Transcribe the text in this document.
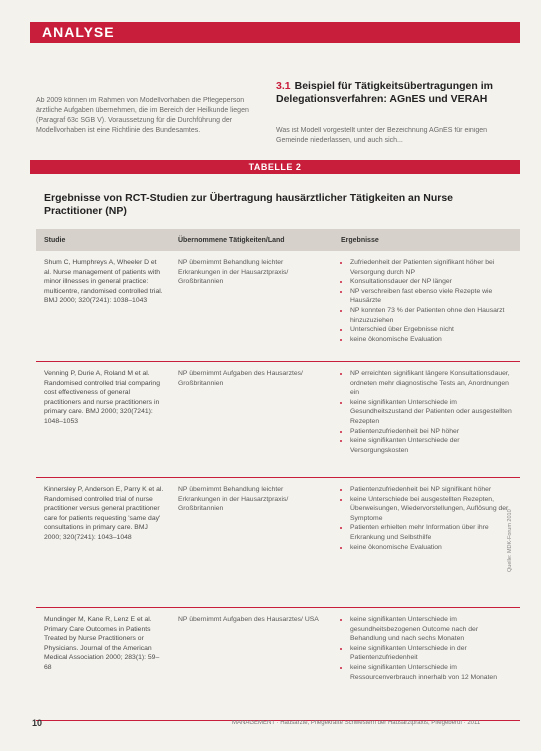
ANALYSE
Ab 2009 können im Rahmen von Modellvorhaben die Pflegeperson ärztliche Aufgaben übernehmen, die im Bereich der Heilkunde liegen (Paragraf 63c SGB V). Voraussetzung für die Durchführung der Modellvorhaben ist eine Richtlinie des Bundesamtes.
3.1 Beispiel für Tätigkeitsübertragungen im Delegationsverfahren: AGnES und VERAH
Was ist Modell vorgestellt unter der Bezeichnung AGnES für einigen Gemeinde niederlassen, und auch sich...
TABELLE 2
Ergebnisse von RCT-Studien zur Übertragung hausärztlicher Tätigkeiten an Nurse Practitioner (NP)
Studie	Übernommene Tätigkeiten/Land	Ergebnisse
Shum C, Humphreys A, Wheeler D et al. Nurse management of patients with minor illnesses in general practice: multicentre, randomised controlled trial. BMJ 2000; 320(7241): 1038–1043
NP übernimmt Behandlung leichter Erkrankungen in der Hausarztpraxis/ Großbritannien
• Zufriedenheit der Patienten signifikant höher bei Versorgung durch NP
• Konsultationsdauer der NP länger
• NP verschreiben fast ebenso viele Rezepte wie Hausärzte
• NP konnten 73 % der Patienten ohne den Hausarzt hinzuzuziehen
• Unterschied über Ergebnisse nicht
• keine ökonomische Evaluation
Venning P, Durie A, Roland M et al. Randomised controlled trial comparing cost effectiveness of general practitioners and nurse practitioners in primary care. BMJ 2000; 320(7241): 1048–1053
NP übernimmt Aufgaben des Hausarztes/ Großbritannien
• NP erreichten signifikant längere Konsultationsdauer, ordneten mehr diagnostische Tests an, Anordnungen ein
• keine signifikanten Unterschiede im Gesundheitszustand der Patienten oder ausgestellten Rezepten
• Patientenzufriedenheit bei NP höher
• keine signifikanten Unterschiede der Versorgungskosten
Kinnersley P, Anderson E, Parry K et al. Randomised controlled trial of nurse practitioner versus general practitioner care for patients requesting 'same day' consultations in primary care. BMJ 2000; 320(7241): 1043–1048
NP übernimmt Behandlung leichter Erkrankungen in der Hausarztpraxis/ Großbritannien
• Patientenzufriedenheit bei NP signifikant höher
• keine Unterschiede bei ausgestellten Rezepten, Überweisungen, Wiedervorstellungen, Auflösung der Symptome
• Patienten erhielten mehr Information über ihre Erkrankung und Selbsthilfe
• keine ökonomische Evaluation
Mundinger M, Kane R, Lenz E et al. Primary Care Outcomes in Patients Treated by Nurse Practitioners or Physicians. Journal of the American Medical Association 2000; 283(1): 59–68
NP übernimmt Aufgaben des Hausarztes/ USA
•	keine signifikanten Unterschiede im gesundheitsbezogenen Outcome nach der Behandlung und nach sechs Monaten
• keine signifikanten Unterschiede in der Patientenzufriedenheit
• keine signifikanten Unterschiede im Ressourcenverbrauch innerhalb von 12 Monaten
Quelle: MDK-Forum 2010
10	MANAGEMENT · Hausärzte, Pflegekräfte Schwestern der Hausarztpraxis, Pflegeberuf · 2011
